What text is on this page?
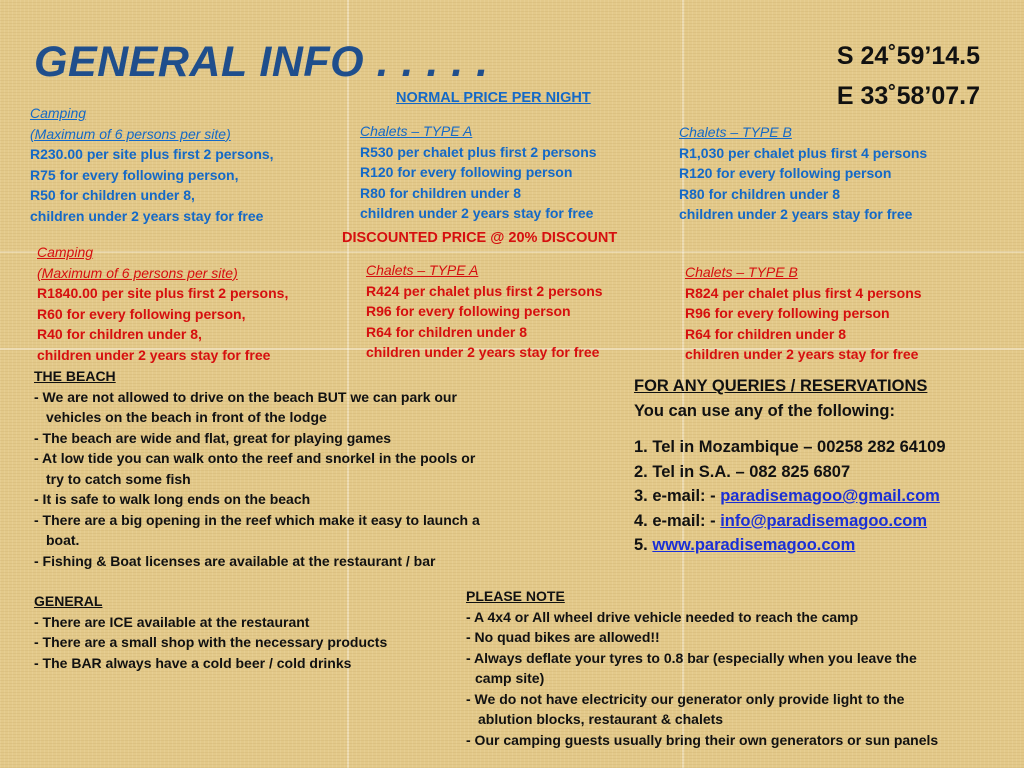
GENERAL INFO . . . . .	S 24˚59’14.5
E 33˚58’07.7
NORMAL PRICE PER NIGHT
Camping
(Maximum of 6 persons per site)
R230.00 per site plus first 2 persons,
R75 for every following person,
R50 for children under 8,
children under 2 years stay for free
Chalets – TYPE A
R530 per chalet plus first 2 persons
R120 for every following person
R80 for children under 8
children under 2 years stay for free
Chalets – TYPE B
R1,030 per chalet plus first 4 persons
R120 for every following person
R80 for children under 8
children under 2 years stay for free
DISCOUNTED PRICE @ 20% DISCOUNT
Camping
(Maximum of 6 persons per site)
R1840.00 per site plus first 2 persons,
R60 for every following person,
R40 for children under 8,
children under 2 years stay for free
Chalets – TYPE A
R424 per chalet plus first 2 persons
R96 for every following person
R64 for children under 8
children under 2 years stay for free
Chalets – TYPE B
R824 per chalet plus first 4 persons
R96 for every following person
R64 for children under 8
children under 2 years stay for free
THE BEACH
- We are not allowed to drive on the beach BUT we can park our
vehicles on the beach in front of the lodge
- The beach are wide and flat, great for playing games
- At low tide you can walk onto the reef and snorkel in the pools or
try to catch some fish
- It is safe to walk long ends on the beach
- There are a big opening in the reef which make it easy to launch a
boat.
- Fishing & Boat licenses are available at the restaurant / bar
GENERAL
- There are ICE available at the restaurant
- There are a small shop with the necessary products
- The BAR always have a cold beer / cold drinks
FOR ANY QUERIES / RESERVATIONS
You can use any of the following:
1. Tel in Mozambique – 00258 282 64109
2. Tel in S.A. – 082 825 6807
3. e-mail: - paradisemagoo@gmail.com
4. e-mail: - info@paradisemagoo.com
5. www.paradisemagoo.com
PLEASE NOTE
- A 4x4 or All wheel drive vehicle needed to reach the camp
- No quad bikes are allowed!!
- Always deflate your tyres to 0.8 bar (especially when you leave the
camp site)
- We do not have electricity our generator only provide light to the
ablution blocks, restaurant & chalets
- Our camping guests usually bring their own generators or sun panels
